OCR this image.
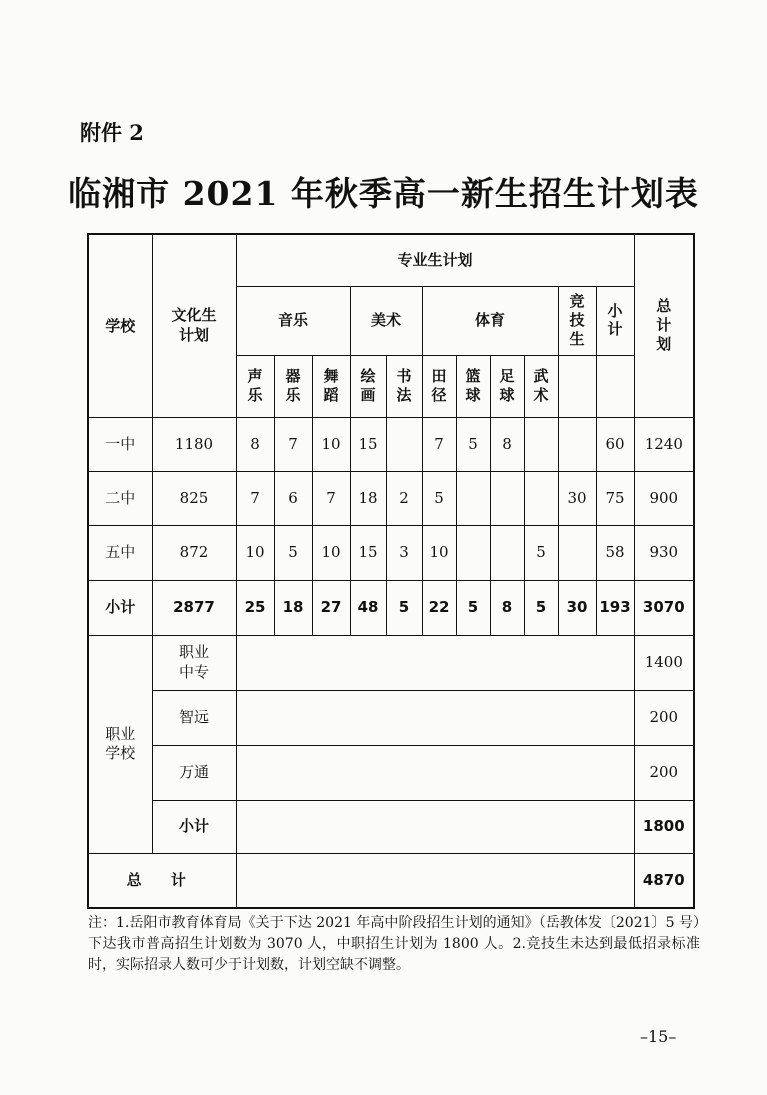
附件 2
临湘市 2021 年秋季高一新生招生计划表
学校	文化生计划	专业生计划											总计划
		音乐			美术		体育				竞技生	小计	
		声乐	器乐	舞蹈	绘画	书法	田径	篮球	足球	武术			
一中	1180	8	7	10	15		7	5	8			60	1240
二中	825	7	6	7	18	2	5				30	75	900
五中	872	10	5	10	15	3	10			5		58	930
小计	2877	25	18	27	48	5	22	5	8	5	30	193	3070
职业学校	职业中专												1400
	智远												200
	万通												200
	小计												1800
总 计													4870
注：1.岳阳市教育体育局《关于下达 2021 年高中阶段招生计划的通知》（岳教体发〔2021〕5 号）下达我市普高招生计划数为 3070 人，中职招生计划为 1800 人。2.竞技生未达到最低招录标准时，实际招录人数可少于计划数，计划空缺不调整。
–15–
